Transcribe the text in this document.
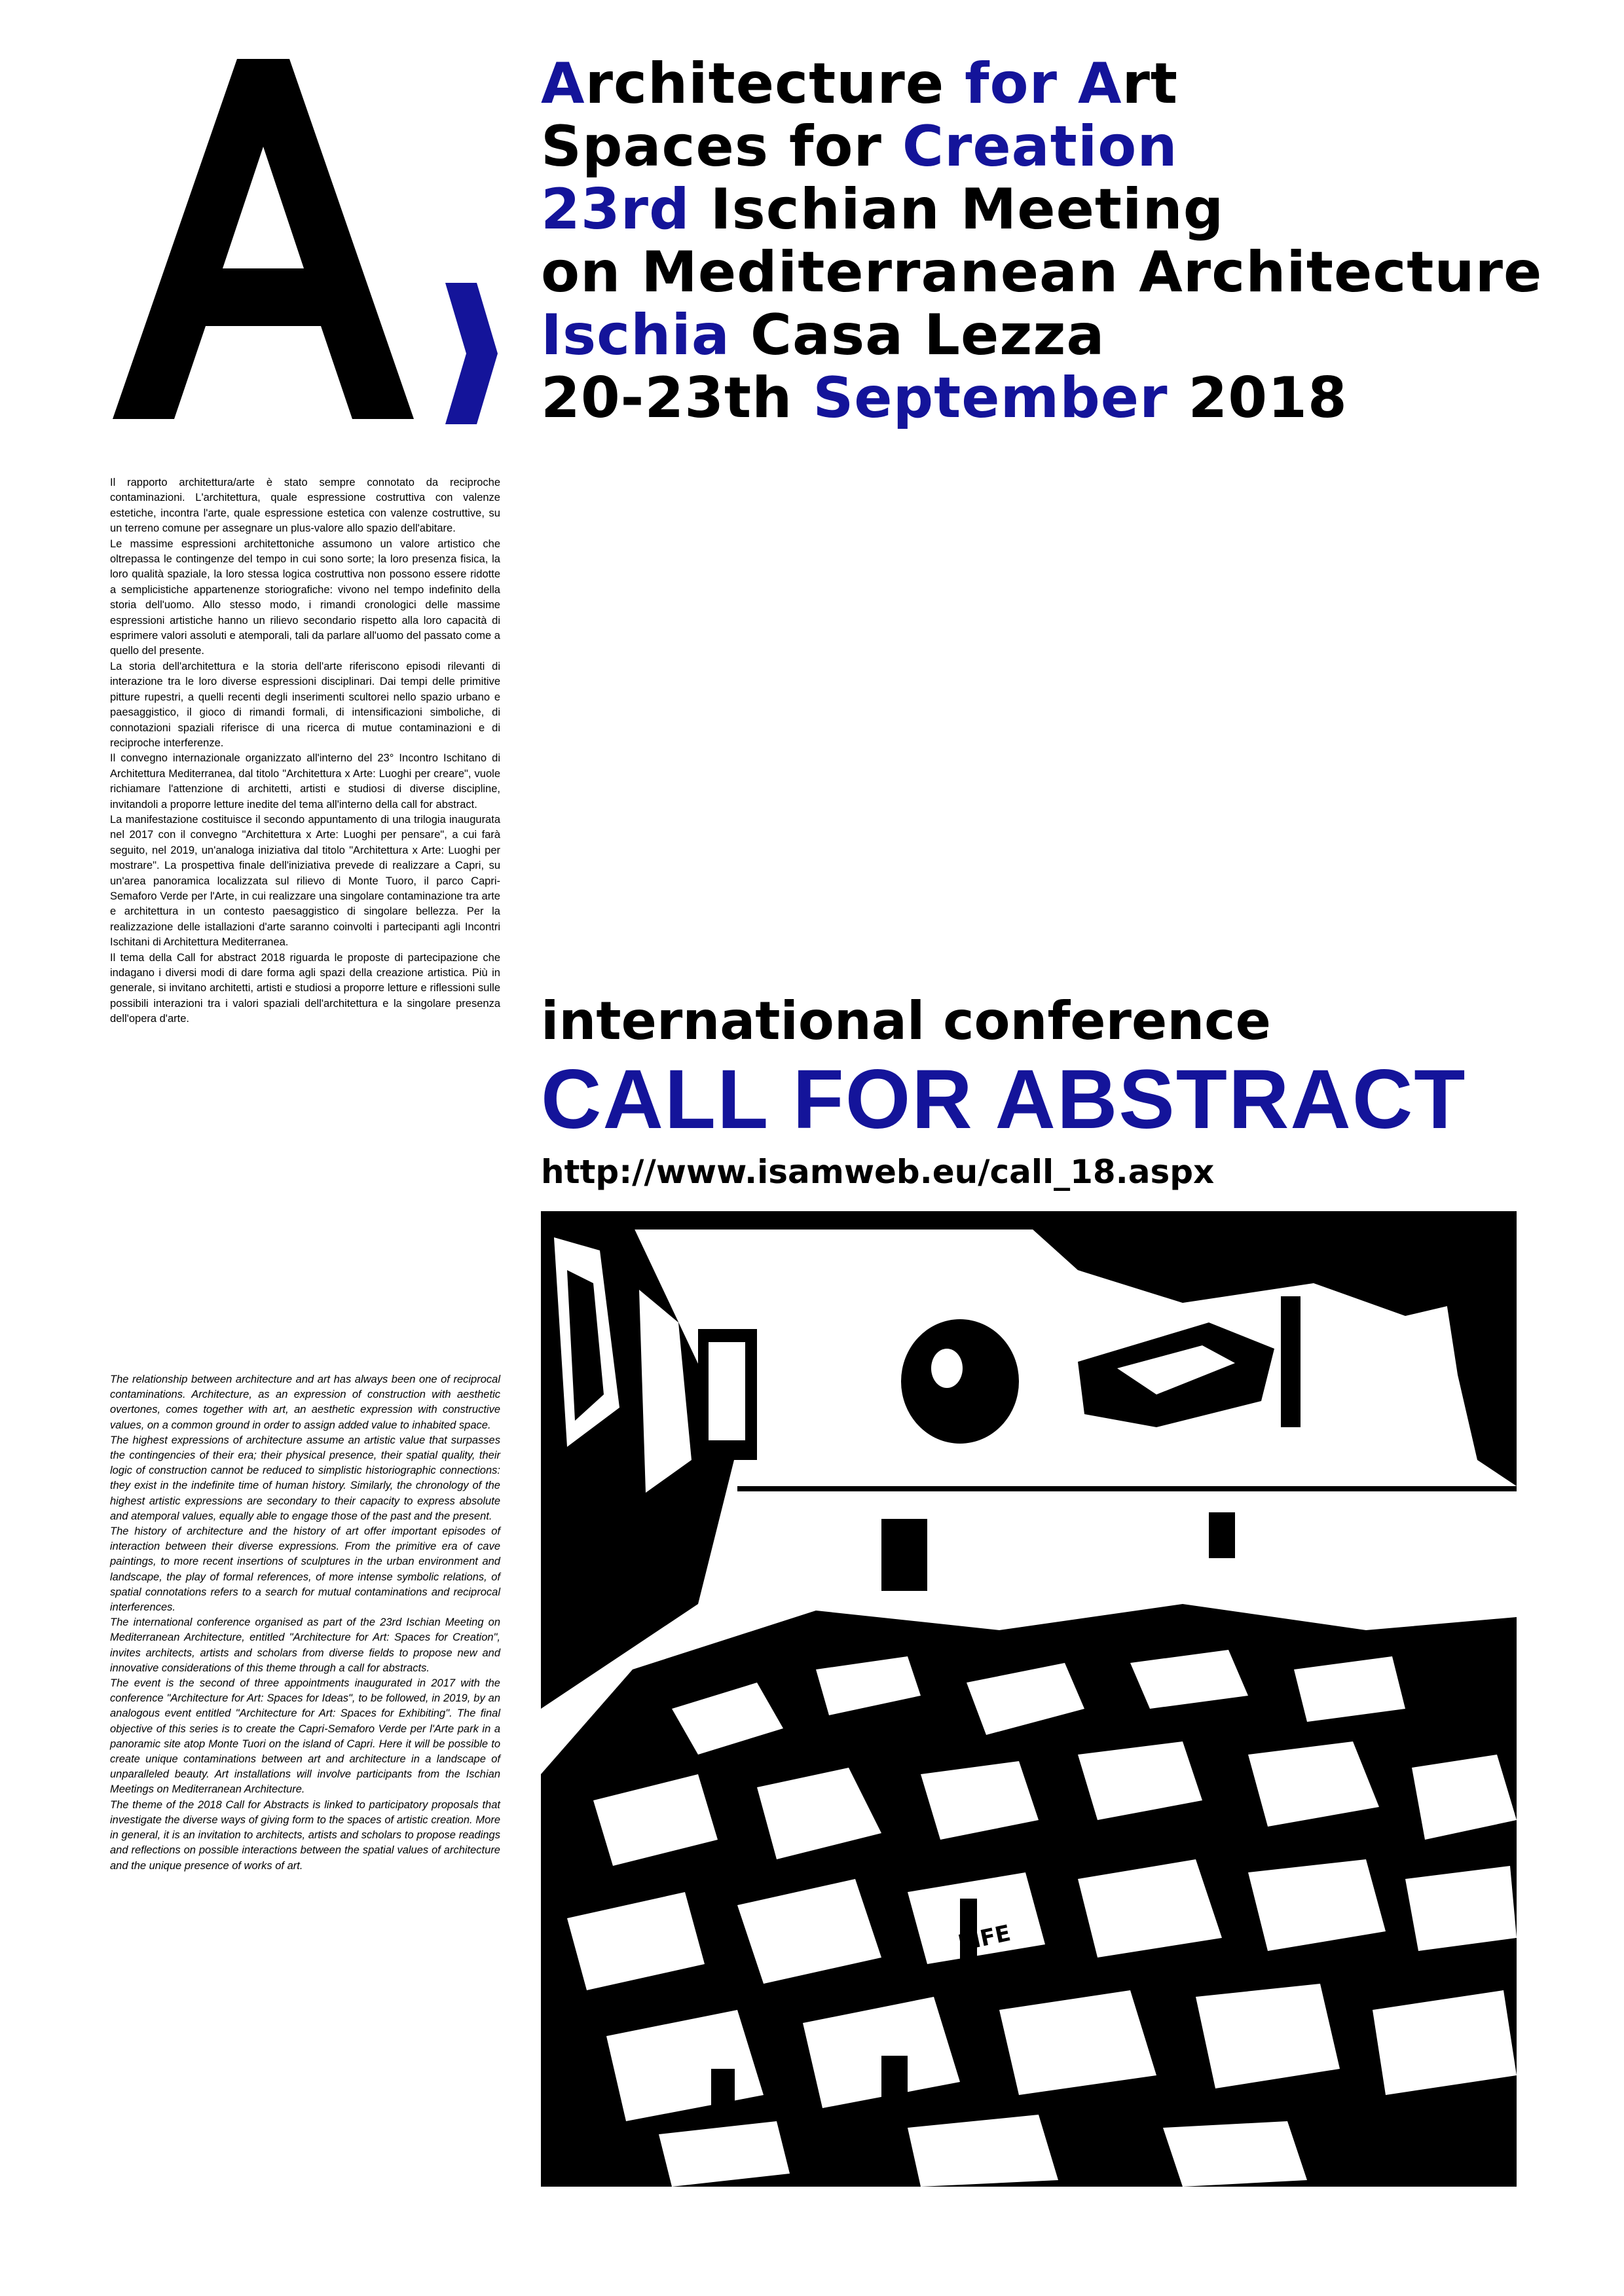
Architecture for Art
Spaces for Creation
23rd Ischian Meeting
on Mediterranean Architecture
Ischia Casa Lezza
20-23th September 2018

Il rapporto architettura/arte è stato sempre connotato da reciproche contaminazioni. L'architettura, quale espressione costruttiva con valenze estetiche, incontra l'arte, quale espressione estetica con valenze costruttive, su un terreno comune per assegnare un plus-valore allo spazio dell'abitare.

Le massime espressioni architettoniche assumono un valore artistico che oltrepassa le contingenze del tempo in cui sono sorte; la loro presenza fisica, la loro qualità spaziale, la loro stessa logica costruttiva non possono essere ridotte a semplicistiche appartenenze storiografiche: vivono nel tempo indefinito della storia dell'uomo. Allo stesso modo, i rimandi cronologici delle massime espressioni artistiche hanno un rilievo secondario rispetto alla loro capacità di esprimere valori assoluti e atemporali, tali da parlare all'uomo del passato come a quello del presente.

La storia dell'architettura e la storia dell'arte riferiscono episodi rilevanti di interazione tra le loro diverse espressioni disciplinari. Dai tempi delle primitive pitture rupestri, a quelli recenti degli inserimenti scultorei nello spazio urbano e paesaggistico, il gioco di rimandi formali, di intensificazioni simboliche, di connotazioni spaziali riferisce di una ricerca di mutue contaminazioni e di reciproche interferenze.

Il convegno internazionale organizzato all'interno del 23° Incontro Ischitano di Architettura Mediterranea, dal titolo "Architettura x Arte: Luoghi per creare", vuole richiamare l'attenzione di architetti, artisti e studiosi di diverse discipline, invitandoli a proporre letture inedite del tema all'interno della call for abstract.

La manifestazione costituisce il secondo appuntamento di una trilogia inaugurata nel 2017 con il convegno "Architettura x Arte: Luoghi per pensare", a cui farà seguito, nel 2019, un'analoga iniziativa dal titolo "Architettura x Arte: Luoghi per mostrare". La prospettiva finale dell'iniziativa prevede di realizzare a Capri, su un'area panoramica localizzata sul rilievo di Monte Tuoro, il parco Capri-Semaforo Verde per l'Arte, in cui realizzare una singolare contaminazione tra arte e architettura in un contesto paesaggistico di singolare bellezza. Per la realizzazione delle istallazioni d'arte saranno coinvolti i partecipanti agli Incontri Ischitani di Architettura Mediterranea.

Il tema della Call for abstract 2018 riguarda le proposte di partecipazione che indagano i diversi modi di dare forma agli spazi della creazione artistica. Più in generale, si invitano architetti, artisti e studiosi a proporre letture e riflessioni sulle possibili interazioni tra i valori spaziali dell'architettura e la singolare presenza dell'opera d'arte.

The relationship between architecture and art has always been one of reciprocal contaminations. Architecture, as an expression of construction with aesthetic overtones, comes together with art, an aesthetic expression with constructive values, on a common ground in order to assign added value to inhabited space.

The highest expressions of architecture assume an artistic value that surpasses the contingencies of their era; their physical presence, their spatial quality, their logic of construction cannot be reduced to simplistic historiographic connections: they exist in the indefinite time of human history. Similarly, the chronology of the highest artistic expressions are secondary to their capacity to express absolute and atemporal values, equally able to engage those of the past and the present.

The history of architecture and the history of art offer important episodes of interaction between their diverse expressions. From the primitive era of cave paintings, to more recent insertions of sculptures in the urban environment and landscape, the play of formal references, of more intense symbolic relations, of spatial connotations refers to a search for mutual contaminations and reciprocal interferences.

The international conference organised as part of the 23rd Ischian Meeting on Mediterranean Architecture, entitled "Architecture for Art: Spaces for Creation", invites architects, artists and scholars from diverse fields to propose new and innovative considerations of this theme through a call for abstracts.

The event is the second of three appointments inaugurated in 2017 with the conference "Architecture for Art: Spaces for Ideas", to be followed, in 2019, by an analogous event entitled "Architecture for Art: Spaces for Exhibiting". The final objective of this series is to create the Capri-Semaforo Verde per l'Arte park in a panoramic site atop Monte Tuori on the island of Capri. Here it will be possible to create unique contaminations between art and architecture in a landscape of unparalleled beauty. Art installations will involve participants from the Ischian Meetings on Mediterranean Architecture.

The theme of the 2018 Call for Abstracts is linked to participatory proposals that investigate the diverse ways of giving form to the spaces of artistic creation. More in general, it is an invitation to architects, artists and scholars to propose readings and reflections on possible interactions between the spatial values of architecture and the unique presence of works of art.

international conference
CALL FOR ABSTRACT
http://www.isamweb.eu/call_18.aspx
LIFE
Bud
